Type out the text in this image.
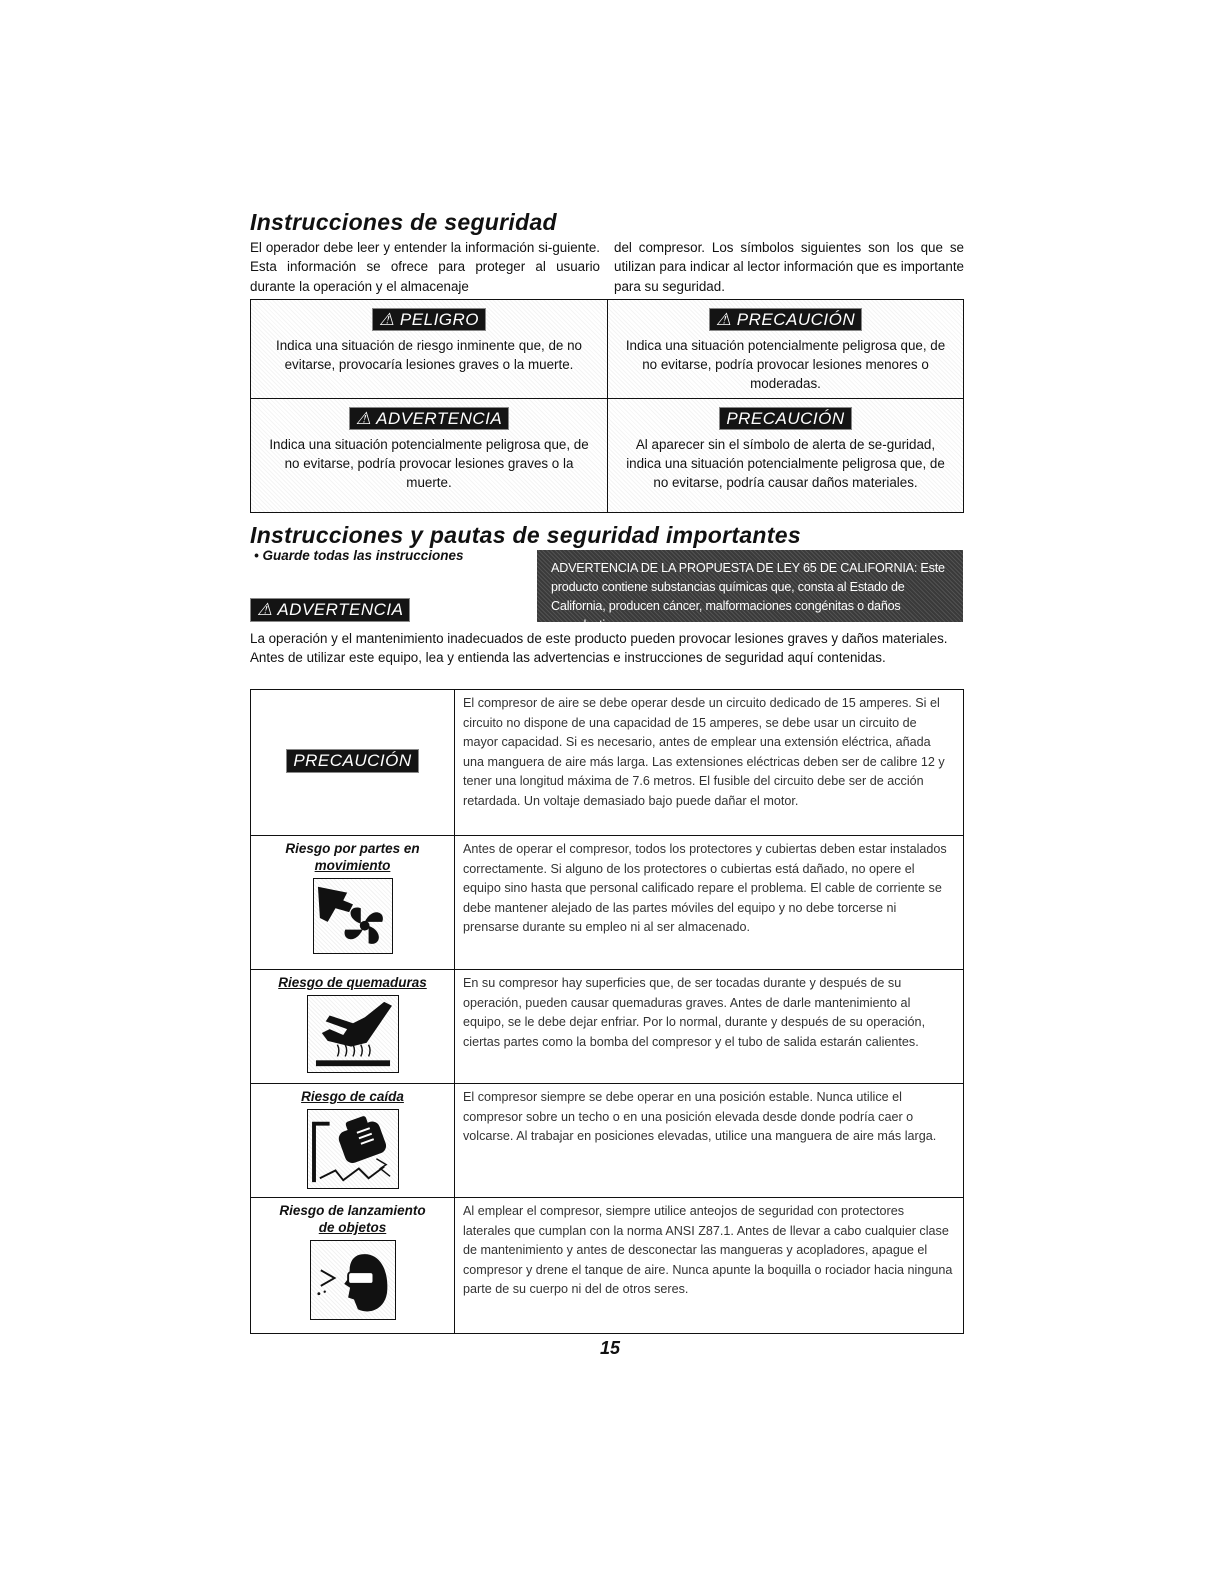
Instrucciones de seguridad

El operador debe leer y entender la información si-guiente. Esta información se ofrece para proteger al usuario durante la operación y el almacenaje

del compresor. Los símbolos siguientes son los que se utilizan para indicar al lector información que es importante para su seguridad.

⚠ PELIGRO
Indica una situación de riesgo inminente que, de no evitarse, provocaría lesiones graves o la muerte.
⚠ PRECAUCIÓN
Indica una situación potencialmente peligrosa que, de no evitarse, podría provocar lesiones menores o moderadas.
⚠ ADVERTENCIA
Indica una situación potencialmente peligrosa que, de no evitarse, podría provocar lesiones graves o la muerte.
PRECAUCIÓN
Al aparecer sin el símbolo de alerta de se-guridad, indica una situación potencialmente peligrosa que, de no evitarse, podría causar daños materiales.
Instrucciones y pautas de seguridad importantes
• Guarde todas las instrucciones
ADVERTENCIA DE LA PROPUESTA DE LEY 65 DE CALIFORNIA: Este producto contiene substancias químicas que, consta al Estado de California, producen cáncer, malformaciones congénitas o daños reproductivos.
⚠ ADVERTENCIA

La operación y el mantenimiento inadecuados de este producto pueden provocar lesiones graves y daños materiales. Antes de utilizar este equipo, lea y entienda las advertencias e instrucciones de seguridad aquí contenidas.

PRECAUCIÓN
El compresor de aire se debe operar desde un circuito dedicado de 15 amperes. Si el circuito no dispone de una capacidad de 15 amperes, se debe usar un circuito de mayor capacidad. Si es necesario, antes de emplear una extensión eléctrica, añada una manguera de aire más larga. Las extensiones eléctricas deben ser de calibre 12 y tener una longitud máxima de 7.6 metros. El fusible del circuito debe ser de acción retardada. Un voltaje demasiado bajo puede dañar el motor.
Riesgo por partes en
movimiento
Antes de operar el compresor, todos los protectores y cubiertas deben estar instalados correctamente. Si alguno de los protectores o cubiertas está dañado, no opere el equipo sino hasta que personal calificado repare el problema. El cable de corriente se debe mantener alejado de las partes móviles del equipo y no debe torcerse ni prensarse durante su empleo ni al ser almacenado.
Riesgo de quemaduras	En su compresor hay superficies que, de ser tocadas durante y después de su operación, pueden causar quemaduras graves. Antes de darle mantenimiento al equipo, se le debe dejar enfriar. Por lo normal, durante y después de su operación, ciertas partes como la bomba del compresor y el tubo de salida estarán calientes.
Riesgo de caída	El compresor siempre se debe operar en una posición estable. Nunca utilice el compresor sobre un techo o en una posición elevada desde donde podría caer o volcarse. Al trabajar en posiciones elevadas, utilice una manguera de aire más larga.
Riesgo de lanzamiento
de objetos
Al emplear el compresor, siempre utilice anteojos de seguridad con protectores laterales que cumplan con la norma ANSI Z87.1. Antes de llevar a cabo cualquier clase de mantenimiento y antes de desconectar las mangueras y acopladores, apague el compresor y drene el tanque de aire. Nunca apunte la boquilla o rociador hacia ninguna parte de su cuerpo ni del de otros seres.
15
